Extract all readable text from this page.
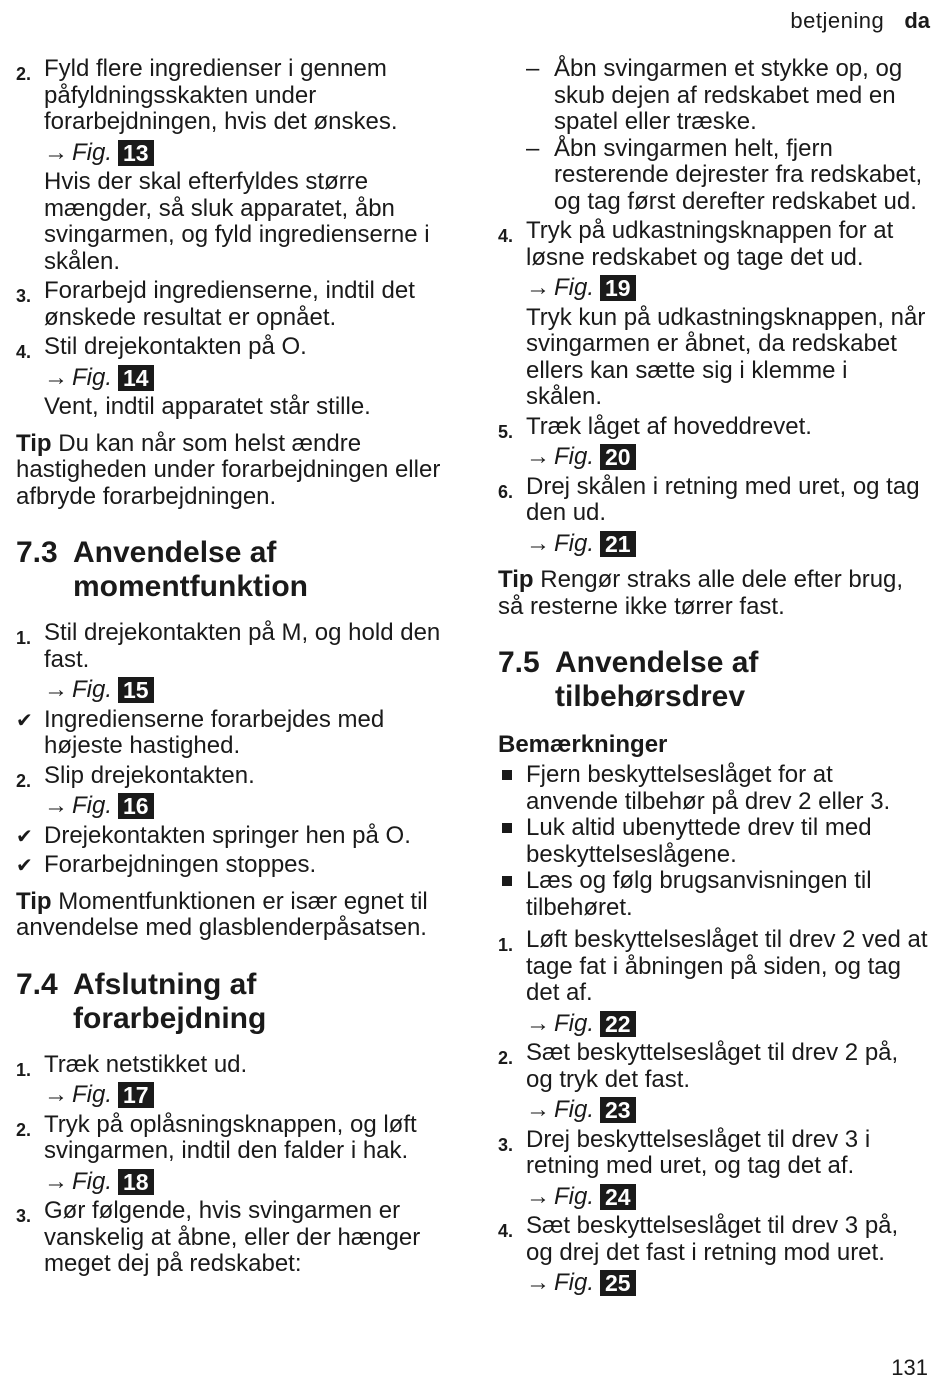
betjening da
2. Fyld flere ingredienser i gennem påfyldningsskakten under forarbejdningen, hvis det ønskes.
→ Fig. 13
Hvis der skal efterfyldes større mængder, så sluk apparatet, åbn svingarmen, og fyld ingredienserne i skålen.
3. Forarbejd ingredienserne, indtil det ønskede resultat er opnået.
4. Stil drejekontakten på O.
→ Fig. 14
Vent, indtil apparatet står stille.
Tip Du kan når som helst ændre hastigheden under forarbejdningen eller afbryde forarbejdningen.
7.3 Anvendelse af momentfunktion
1. Stil drejekontakten på M, og hold den fast.
→ Fig. 15
✔ Ingredienserne forarbejdes med højeste hastighed.
2. Slip drejekontakten.
→ Fig. 16
✔ Drejekontakten springer hen på O.
✔ Forarbejdningen stoppes.
Tip Momentfunktionen er især egnet til anvendelse med glasblenderpåsatsen.
7.4 Afslutning af forarbejdning
1. Træk netstikket ud.
→ Fig. 17
2. Tryk på oplåsningsknappen, og løft svingarmen, indtil den falder i hak.
→ Fig. 18
3. Gør følgende, hvis svingarmen er vanskelig at åbne, eller der hænger meget dej på redskabet:
– Åbn svingarmen et stykke op, og skub dejen af redskabet med en spatel eller træske.
– Åbn svingarmen helt, fjern resterende dejrester fra redskabet, og tag først derefter redskabet ud.
4. Tryk på udkastningsknappen for at løsne redskabet og tage det ud.
→ Fig. 19
Tryk kun på udkastningsknappen, når svingarmen er åbnet, da redskabet ellers kan sætte sig i klemme i skålen.
5. Træk låget af hoveddrevet.
→ Fig. 20
6. Drej skålen i retning med uret, og tag den ud.
→ Fig. 21
Tip Rengør straks alle dele efter brug, så resterne ikke tørrer fast.
7.5 Anvendelse af tilbehørsdrev
Bemærkninger
Fjern beskyttelseslåget for at anvende tilbehør på drev 2 eller 3.
Luk altid ubenyttede drev til med beskyttelseslågene.
Læs og følg brugsanvisningen til tilbehøret.
1. Løft beskyttelseslåget til drev 2 ved at tage fat i åbningen på siden, og tag det af.
→ Fig. 22
2. Sæt beskyttelseslåget til drev 2 på, og tryk det fast.
→ Fig. 23
3. Drej beskyttelseslåget til drev 3 i retning med uret, og tag det af.
→ Fig. 24
4. Sæt beskyttelseslåget til drev 3 på, og drej det fast i retning mod uret.
→ Fig. 25
131
